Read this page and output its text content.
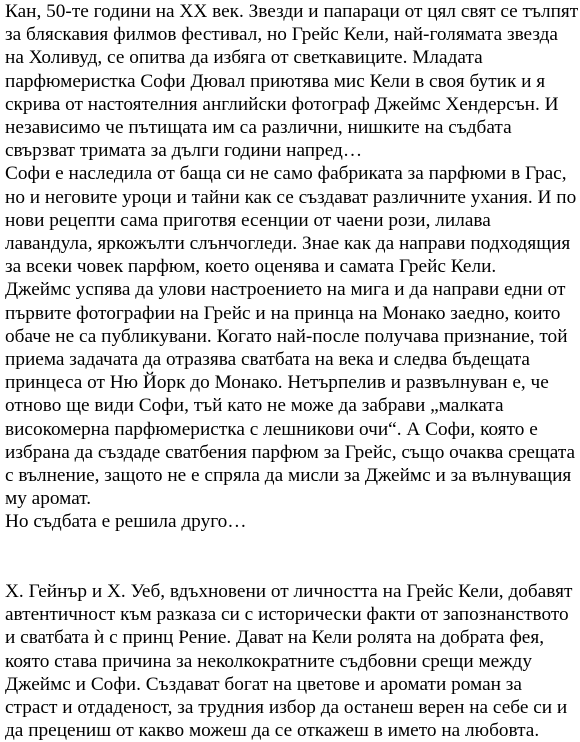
Кан, 50-те години на XX век. Звезди и папараци от цял свят се тълпят
за бляскавия филмов фестивал, но Грейс Кели, най-голямата звезда
на Холивуд, се опитва да избяга от светкавиците. Младата
парфюмеристка Софи Дювал приютява мис Кели в своя бутик и я
скрива от настоятелния английски фотограф Джеймс Хендерсън. И
независимо че пътищата им са различни, нишките на съдбата
свързват тримата за дълги години напред…
Софи е наследила от баща си не само фабриката за парфюми в Грас,
но и неговите уроци и тайни как се създават различните ухания. И по
нови рецепти сама приготвя есенции от чаени рози, лилава
лавандула, яркожълти слънчогледи. Знае как да направи подходящия
за всеки човек парфюм, което оценява и самата Грейс Кели.
Джеймс успява да улови настроението на мига и да направи едни от
първите фотографии на Грейс и на принца на Монако заедно, които
обаче не са публикувани. Когато най-после получава признание, той
приема задачата да отразява сватбата на века и следва бъдещата
принцеса от Ню Йорк до Монако. Нетърпелив и развълнуван е, че
отново ще види Софи, тъй като не може да забрави „малката
високомерна парфюмеристка с лешникови очи“. А Софи, която е
избрана да създаде сватбения парфюм за Грейс, също очаква срещата
с вълнение, защото не е спряла да мисли за Джеймс и за вълнуващия
му аромат.
Но съдбата е решила друго…
Х. Гейнър и Х. Уеб, вдъхновени от личността на Грейс Кели, добавят
автентичност към разказа си с исторически факти от запознанството
и сватбата ѝ с принц Рение. Дават на Кели ролята на добрата фея,
която става причина за неколкократните съдбовни срещи между
Джеймс и Софи. Създават богат на цветове и аромати роман за
страст и отдаденост, за трудния избор да останеш верен на себе си и
да прецениш от какво можеш да се откажеш в името на любовта.
